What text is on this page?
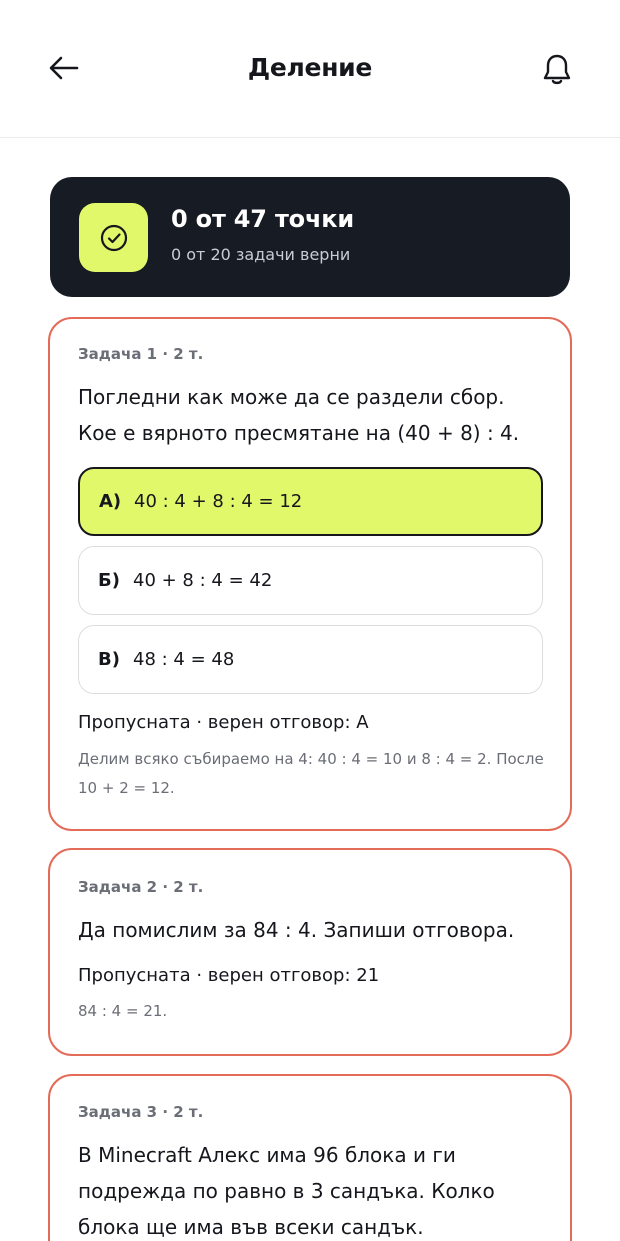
Деление
0 от 47 точки
0 от 20 задачи верни
Задача 1 · 2 т.
Погледни как може да се раздели сбор. Кое е вярното пресмятане на (40 + 8) : 4.
А) 40 : 4 + 8 : 4 = 12
Б) 40 + 8 : 4 = 42
В) 48 : 4 = 48
Пропусната · верен отговор: А
Делим всяко събираемо на 4: 40 : 4 = 10 и 8 : 4 = 2. После 10 + 2 = 12.
Задача 2 · 2 т.
Да помислим за 84 : 4. Запиши отговора.
Пропусната · верен отговор: 21
84 : 4 = 21.
Задача 3 · 2 т.
В Minecraft Алекс има 96 блока и ги подрежда по равно в 3 сандъка. Колко блока ще има във всеки сандък.
